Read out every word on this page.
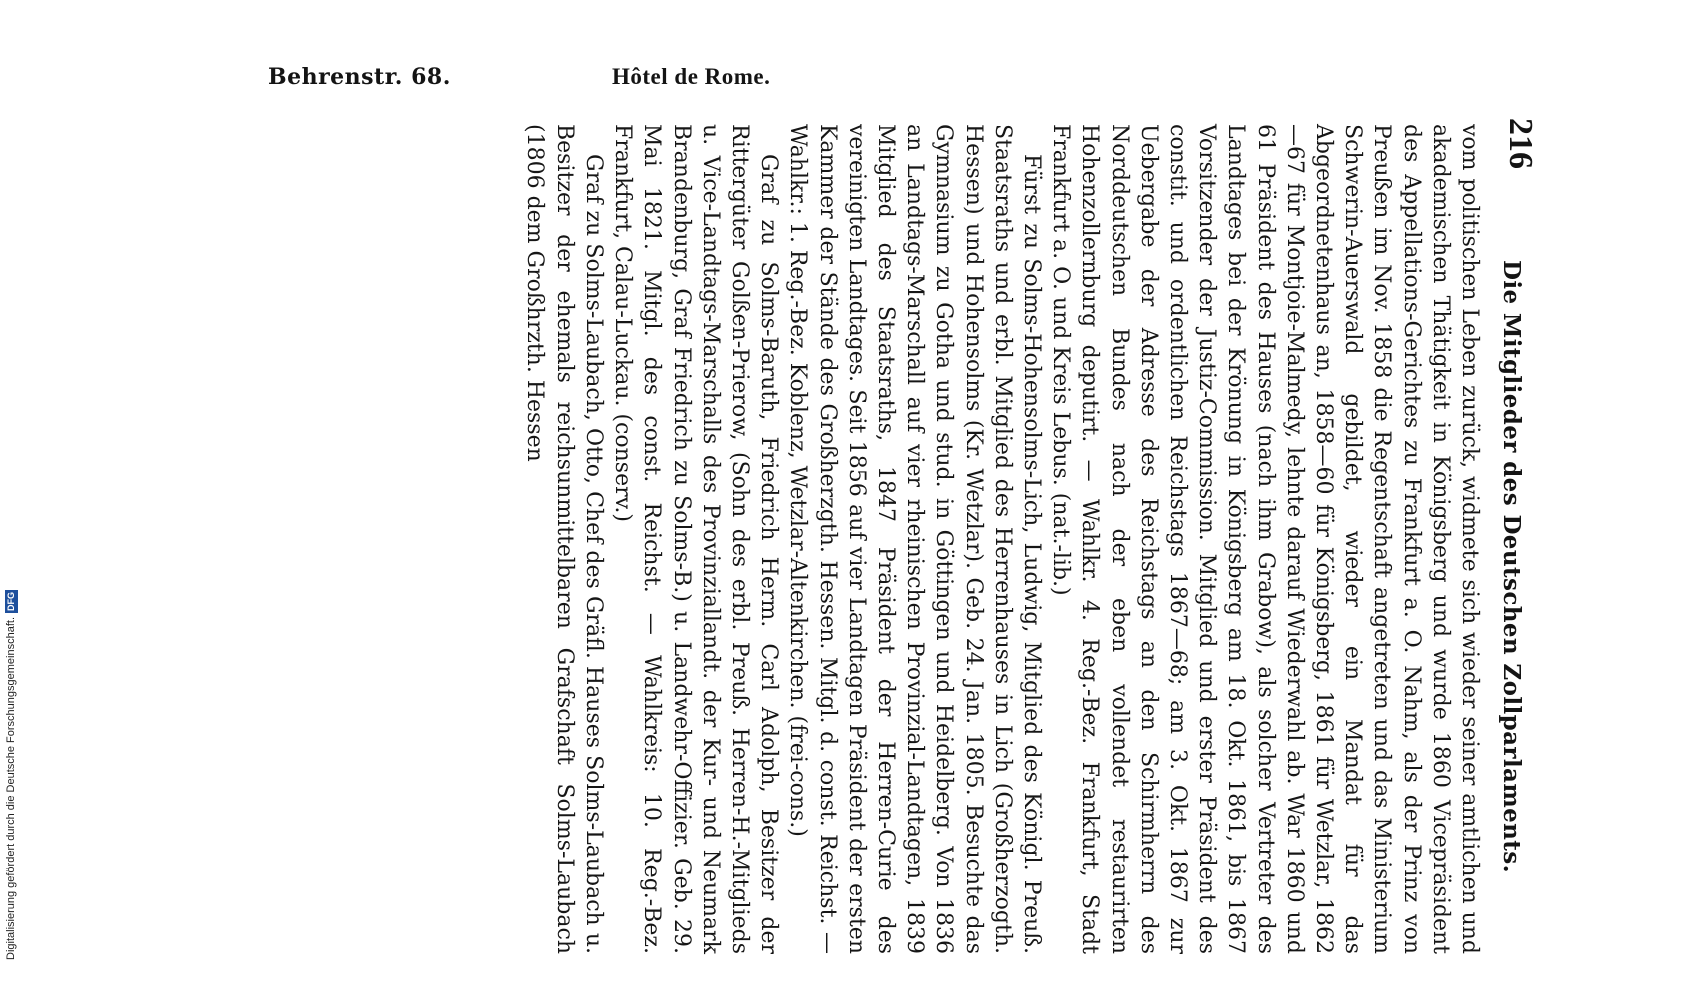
Behrenstr. 68.	Hôtel de Rome.
216
Die Mitglieder des Deutschen Zollparlaments.

vom politischen Leben zurück, widmete sich wieder seiner amtlichen und akademischen Thätigkeit in Königsberg und wurde 1860 Vicepräsident des Appellations-Gerichtes zu Frankfurt a. O. Nahm, als der Prinz von Preußen im Nov. 1858 die Regentschaft angetreten und das Ministerium Schwerin-Auerswald gebildet, wieder ein Mandat für das Abgeordnetenhaus an, 1858—60 für Königsberg, 1861 für Wetzlar, 1862—67 für Montjoie-Malmedy, lehnte darauf Wiederwahl ab. War 1860 und 61 Präsident des Hauses (nach ihm Grabow), als solcher Vertreter des Landtages bei der Krönung in Königsberg am 18. Okt. 1861, bis 1867 Vorsitzender der Justiz-Commission. Mitglied und erster Präsident des constit. und ordentlichen Reichstags 1867—68; am 3. Okt. 1867 zur Uebergabe der Adresse des Reichstags an den Schirmherrn des Norddeutschen Bundes nach der eben vollendet restaurirten Hohenzollernburg deputirt. — Wahlkr. 4. Reg.-Bez. Frankfurt, Stadt Frankfurt a. O. und Kreis Lebus. (nat.-lib.)

Fürst zu Solms-Hohensolms-Lich, Ludwig, Mitglied des Königl. Preuß. Staatsraths und erbl. Mitglied des Herrenhauses in Lich (Großherzogth. Hessen) und Hohensolms (Kr. Wetzlar). Geb. 24. Jan. 1805. Besuchte das Gymnasium zu Gotha und stud. in Göttingen und Heidelberg. Von 1836 an Landtags-Marschall auf vier rheinischen Provinzial-Landtagen, 1839 Mitglied des Staatsraths, 1847 Präsident der Herren-Curie des vereinigten Landtages. Seit 1856 auf vier Landtagen Präsident der ersten Kammer der Stände des Großherzgth. Hessen. Mitgl. d. const. Reichst. — Wahlkr.: 1. Reg.-Bez. Koblenz, Wetzlar-Altenkirchen. (frei-cons.)

Graf zu Solms-Baruth, Friedrich Herm. Carl Adolph, Besitzer der Rittergüter Golßen-Prierow, (Sohn des erbl. Preuß. Herren-H.-Mitglieds u. Vice-Landtags-Marschalls des Provinziallandt. der Kur- und Neumark Brandenburg, Graf Friedrich zu Solms-B.) u. Landwehr-Offizier. Geb. 29. Mai 1821. Mitgl. des const. Reichst. — Wahlkreis: 10. Reg.-Bez. Frankfurt, Calau-Luckau. (conserv.)

Graf zu Solms-Laubach, Otto, Chef des Gräfl. Hauses Solms-Laubach u. Besitzer der ehemals reichsunmittelbaren Grafschaft Solms-Laubach (1806 dem Großhrzth. Hessen

Digitalisierung gefördert durch die Deutsche Forschungsgemeinschaft.
DFG
